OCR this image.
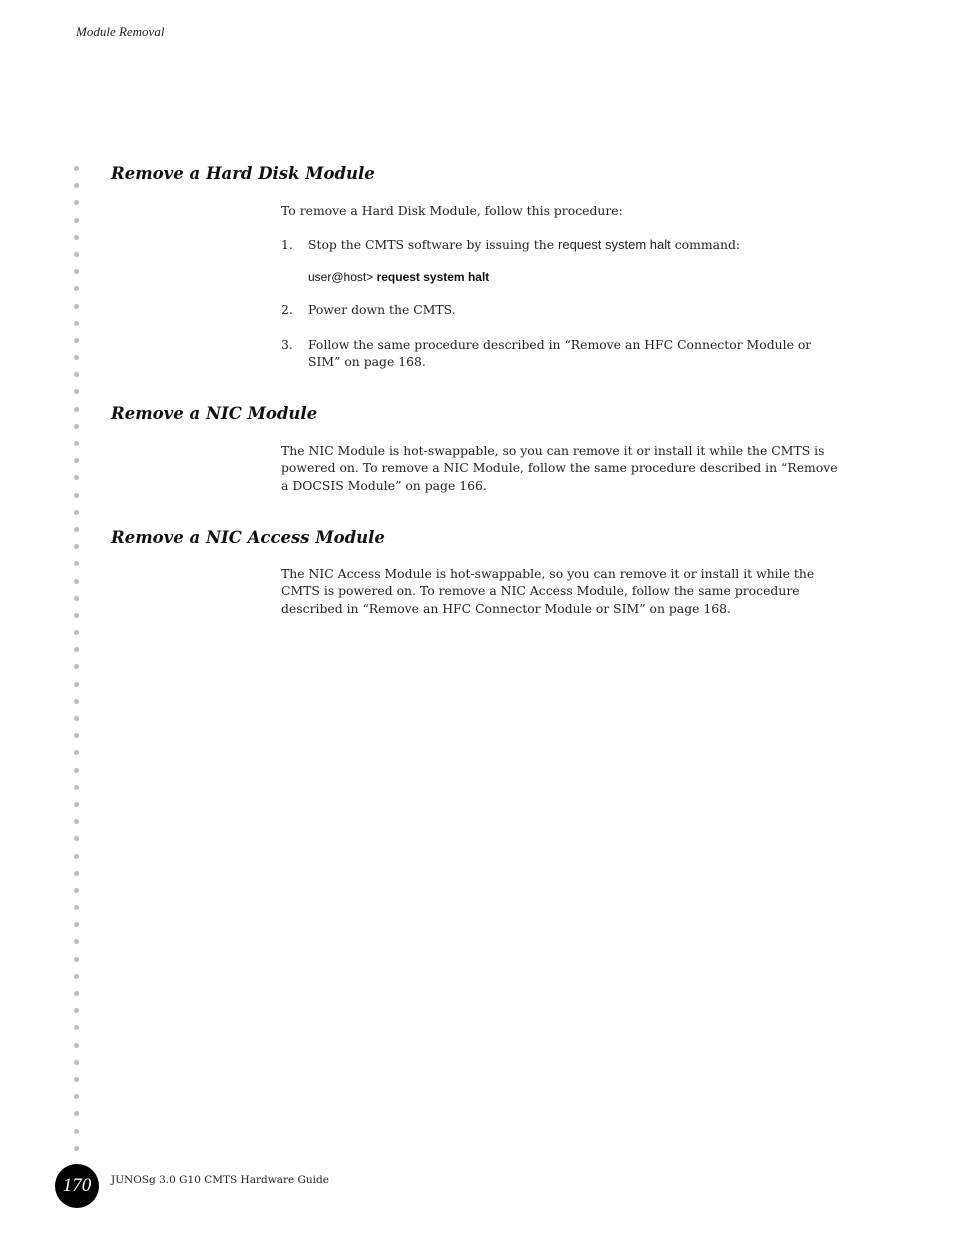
Module Removal
Remove a Hard Disk Module

To remove a Hard Disk Module, follow this procedure:

1. Stop the CMTS software by issuing the request system halt command:
user@host> request system halt
2. Power down the CMTS.
3. Follow the same procedure described in “Remove an HFC Connector Module or SIM” on page 168.
Remove a NIC Module

The NIC Module is hot-swappable, so you can remove it or install it while the CMTS is powered on. To remove a NIC Module, follow the same procedure described in “Remove a DOCSIS Module” on page 166.

Remove a NIC Access Module

The NIC Access Module is hot-swappable, so you can remove it or install it while the CMTS is powered on. To remove a NIC Access Module, follow the same procedure described in “Remove an HFC Connector Module or SIM” on page 168.

170	JUNOSg 3.0 G10 CMTS Hardware Guide
